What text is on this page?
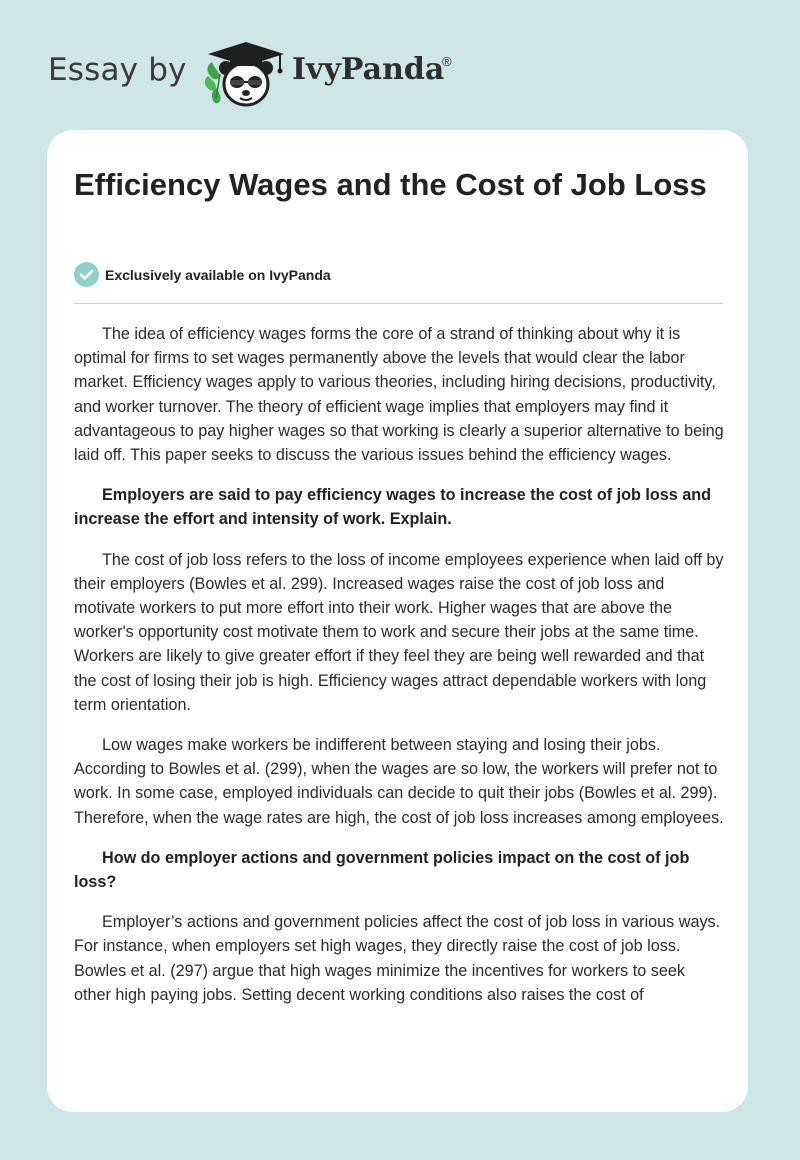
Essay by	IvyPanda
®
Efficiency Wages and the Cost of Job Loss
Exclusively available on IvyPanda

The idea of efficiency wages forms the core of a strand of thinking about why it is optimal for firms to set wages permanently above the levels that would clear the labor market. Efficiency wages apply to various theories, including hiring decisions, productivity, and worker turnover. The theory of efficient wage implies that employers may find it advantageous to pay higher wages so that working is clearly a superior alternative to being laid off. This paper seeks to discuss the various issues behind the efficiency wages.

Employers are said to pay efficiency wages to increase the cost of job loss and increase the effort and intensity of work. Explain.

The cost of job loss refers to the loss of income employees experience when laid off by their employers (Bowles et al. 299). Increased wages raise the cost of job loss and motivate workers to put more effort into their work. Higher wages that are above the worker's opportunity cost motivate them to work and secure their jobs at the same time. Workers are likely to give greater effort if they feel they are being well rewarded and that the cost of losing their job is high. Efficiency wages attract dependable workers with long term orientation.

Low wages make workers be indifferent between staying and losing their jobs. According to Bowles et al. (299), when the wages are so low, the workers will prefer not to work. In some case, employed individuals can decide to quit their jobs (Bowles et al. 299). Therefore, when the wage rates are high, the cost of job loss increases among employees.

How do employer actions and government policies impact on the cost of job loss?

Employer’s actions and government policies affect the cost of job loss in various ways. For instance, when employers set high wages, they directly raise the cost of job loss. Bowles et al. (297) argue that high wages minimize the incentives for workers to seek other high paying jobs. Setting decent working conditions also raises the cost of
